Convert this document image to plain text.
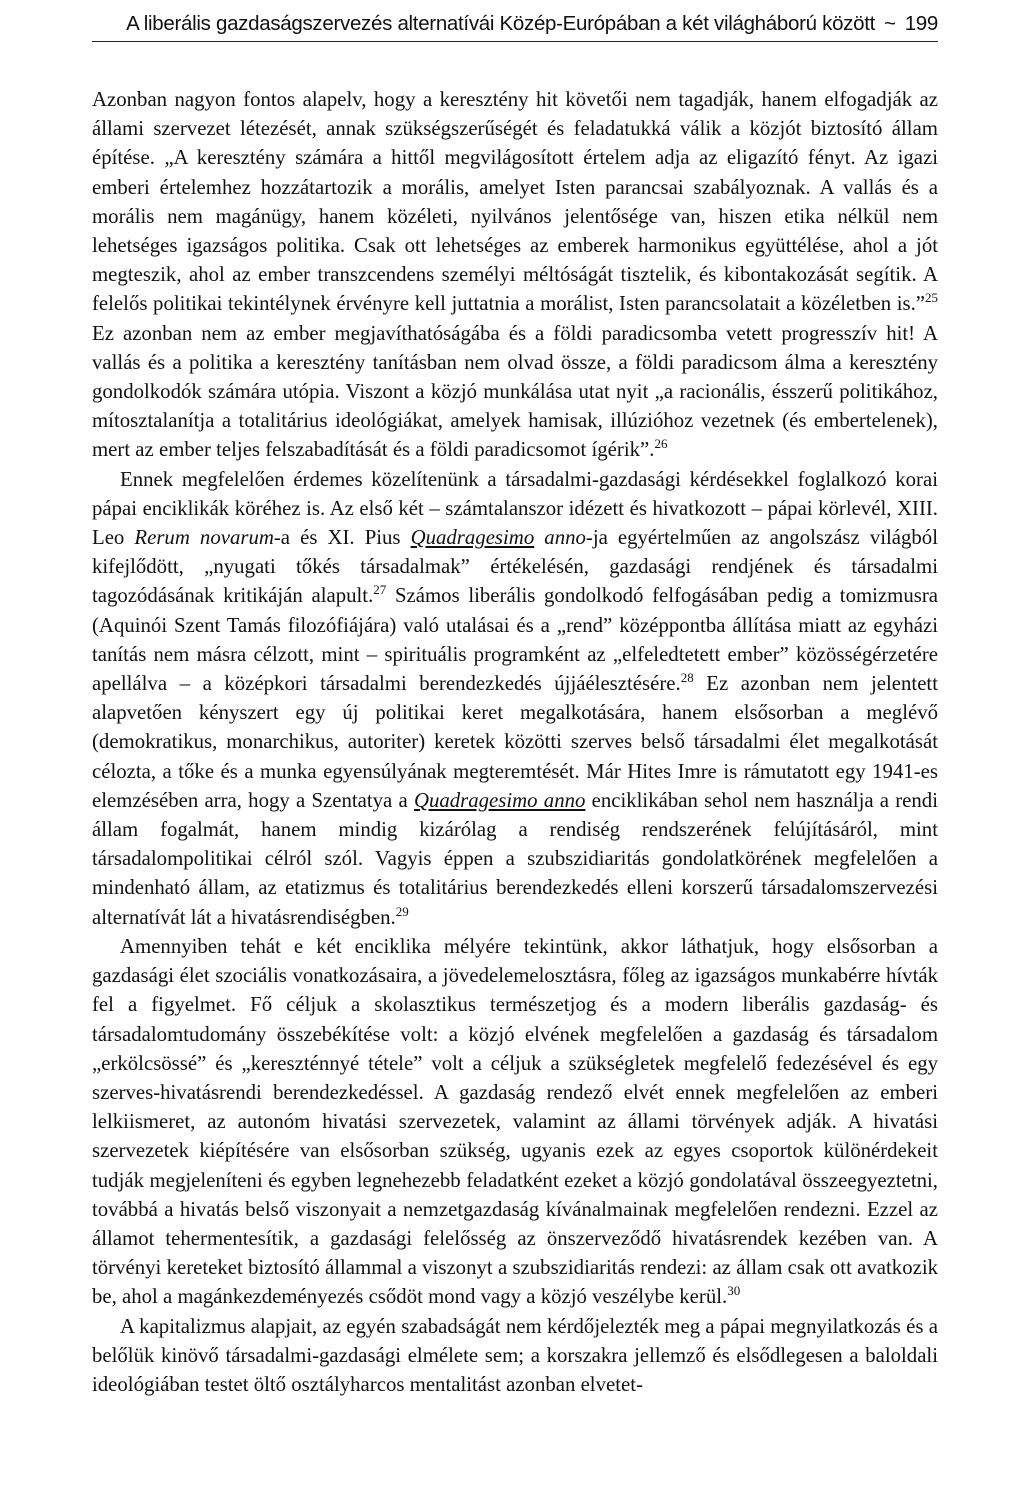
A liberális gazdaságszervezés alternatívái Közép-Európában a két világháború között ~ 199

Azonban nagyon fontos alapelv, hogy a keresztény hit követői nem tagadják, hanem elfogadják az állami szervezet létezését, annak szükségszerűségét és feladatukká válik a közjót biztosító állam építése. „A keresztény számára a hittől megvilágosított értelem adja az eligazító fényt. Az igazi emberi értelemhez hozzátartozik a morális, amelyet Isten parancsai szabályoznak. A vallás és a morális nem magánügy, hanem közéleti, nyilvános jelentősége van, hiszen etika nélkül nem lehetséges igazságos politika. Csak ott lehetséges az emberek harmonikus együttélése, ahol a jót megteszik, ahol az ember transzcendens személyi méltóságát tisztelik, és kibontakozását segítik. A felelős politikai tekintélynek érvényre kell juttatnia a morálist, Isten parancsolatait a közéletben is.”$^{25}$ Ez azonban nem az ember megjavíthatóságába és a földi paradicsomba vetett progresszív hit! A vallás és a politika a keresztény tanításban nem olvad össze, a földi paradicsom álma a keresztény gondolkodók számára utópia. Viszont a közjó munkálása utat nyit „a racionális, ésszerű politikához, mítosztalanítja a totalitárius ideológiákat, amelyek hamisak, illúzióhoz vezetnek (és embertelenek), mert az ember teljes felszabadítását és a földi paradicsomot ígérik”.$^{26}$

Ennek megfelelően érdemes közelítenünk a társadalmi-gazdasági kérdésekkel foglalkozó korai pápai enciklikák köréhez is. Az első két – számtalanszor idézett és hivatkozott – pápai körlevél, XIII. Leo Rerum novarum-a és XI. Pius Quadragesimo anno-ja egyértelműen az angolszász világból kifejlődött, „nyugati tőkés társadalmak” értékelésén, gazdasági rendjének és társadalmi tagozódásának kritikáján alapult.$^{27}$ Számos liberális gondolkodó felfogásában pedig a tomizmusra (Aquinói Szent Tamás filozófiájára) való utalásai és a „rend” középpontba állítása miatt az egyházi tanítás nem másra célzott, mint – spirituális programként az „elfeledtetett ember” közösségérzetére apellálva – a középkori társadalmi berendezkedés újjáélesztésére.$^{28}$ Ez azonban nem jelentett alapvetően kényszert egy új politikai keret megalkotására, hanem elsősorban a meglévő (demokratikus, monarchikus, autoriter) keretek közötti szerves belső társadalmi élet megalkotását célozta, a tőke és a munka egyensúlyának megteremtését. Már Hites Imre is rámutatott egy 1941-es elemzésében arra, hogy a Szentatya a Quadragesimo anno enciklikában sehol nem használja a rendi állam fogalmát, hanem mindig kizárólag a rendiség rendszerének felújításáról, mint társadalompolitikai célról szól. Vagyis éppen a szubszidiaritás gondolatkörének megfelelően a mindenható állam, az etatizmus és totalitárius berendezkedés elleni korszerű társadalomszervezési alternatívát lát a hivatásrendiségben.$^{29}$

Amennyiben tehát e két enciklika mélyére tekintünk, akkor láthatjuk, hogy elsősorban a gazdasági élet szociális vonatkozásaira, a jövedelemelosztásra, főleg az igazságos munkabérre hívták fel a figyelmet. Fő céljuk a skolasztikus természetjog és a modern liberális gazdaság- és társadalomtudomány összebékítése volt: a közjó elvének megfelelően a gazdaság és társadalom „erkölcsössé” és „kereszténnyé tétele” volt a céljuk a szükségletek megfelelő fedezésével és egy szerves-hivatásrendi berendezkedéssel. A gazdaság rendező elvét ennek megfelelően az emberi lelkiismeret, az autonóm hivatási szervezetek, valamint az állami törvények adják. A hivatási szervezetek kiépítésére van elsősorban szükség, ugyanis ezek az egyes csoportok különérdekeit tudják megjeleníteni és egyben legnehezebb feladatként ezeket a közjó gondolatával összeegyeztetni, továbbá a hivatás belső viszonyait a nemzetgazdaság kívánalmainak megfelelően rendezni. Ezzel az államot tehermentesítik, a gazdasági felelősség az önszerveződő hivatásrendek kezében van. A törvényi kereteket biztosító állammal a viszonyt a szubszidiaritás rendezi: az állam csak ott avatkozik be, ahol a magánkezdeményezés csődöt mond vagy a közjó veszélybe kerül.$^{30}$

A kapitalizmus alapjait, az egyén szabadságát nem kérdőjelezték meg a pápai megnyilatkozás és a belőlük kinövő társadalmi-gazdasági elmélete sem; a korszakra jellemző és elsődlegesen a baloldali ideológiában testet öltő osztályharcos mentalitást azonban elvetet-
